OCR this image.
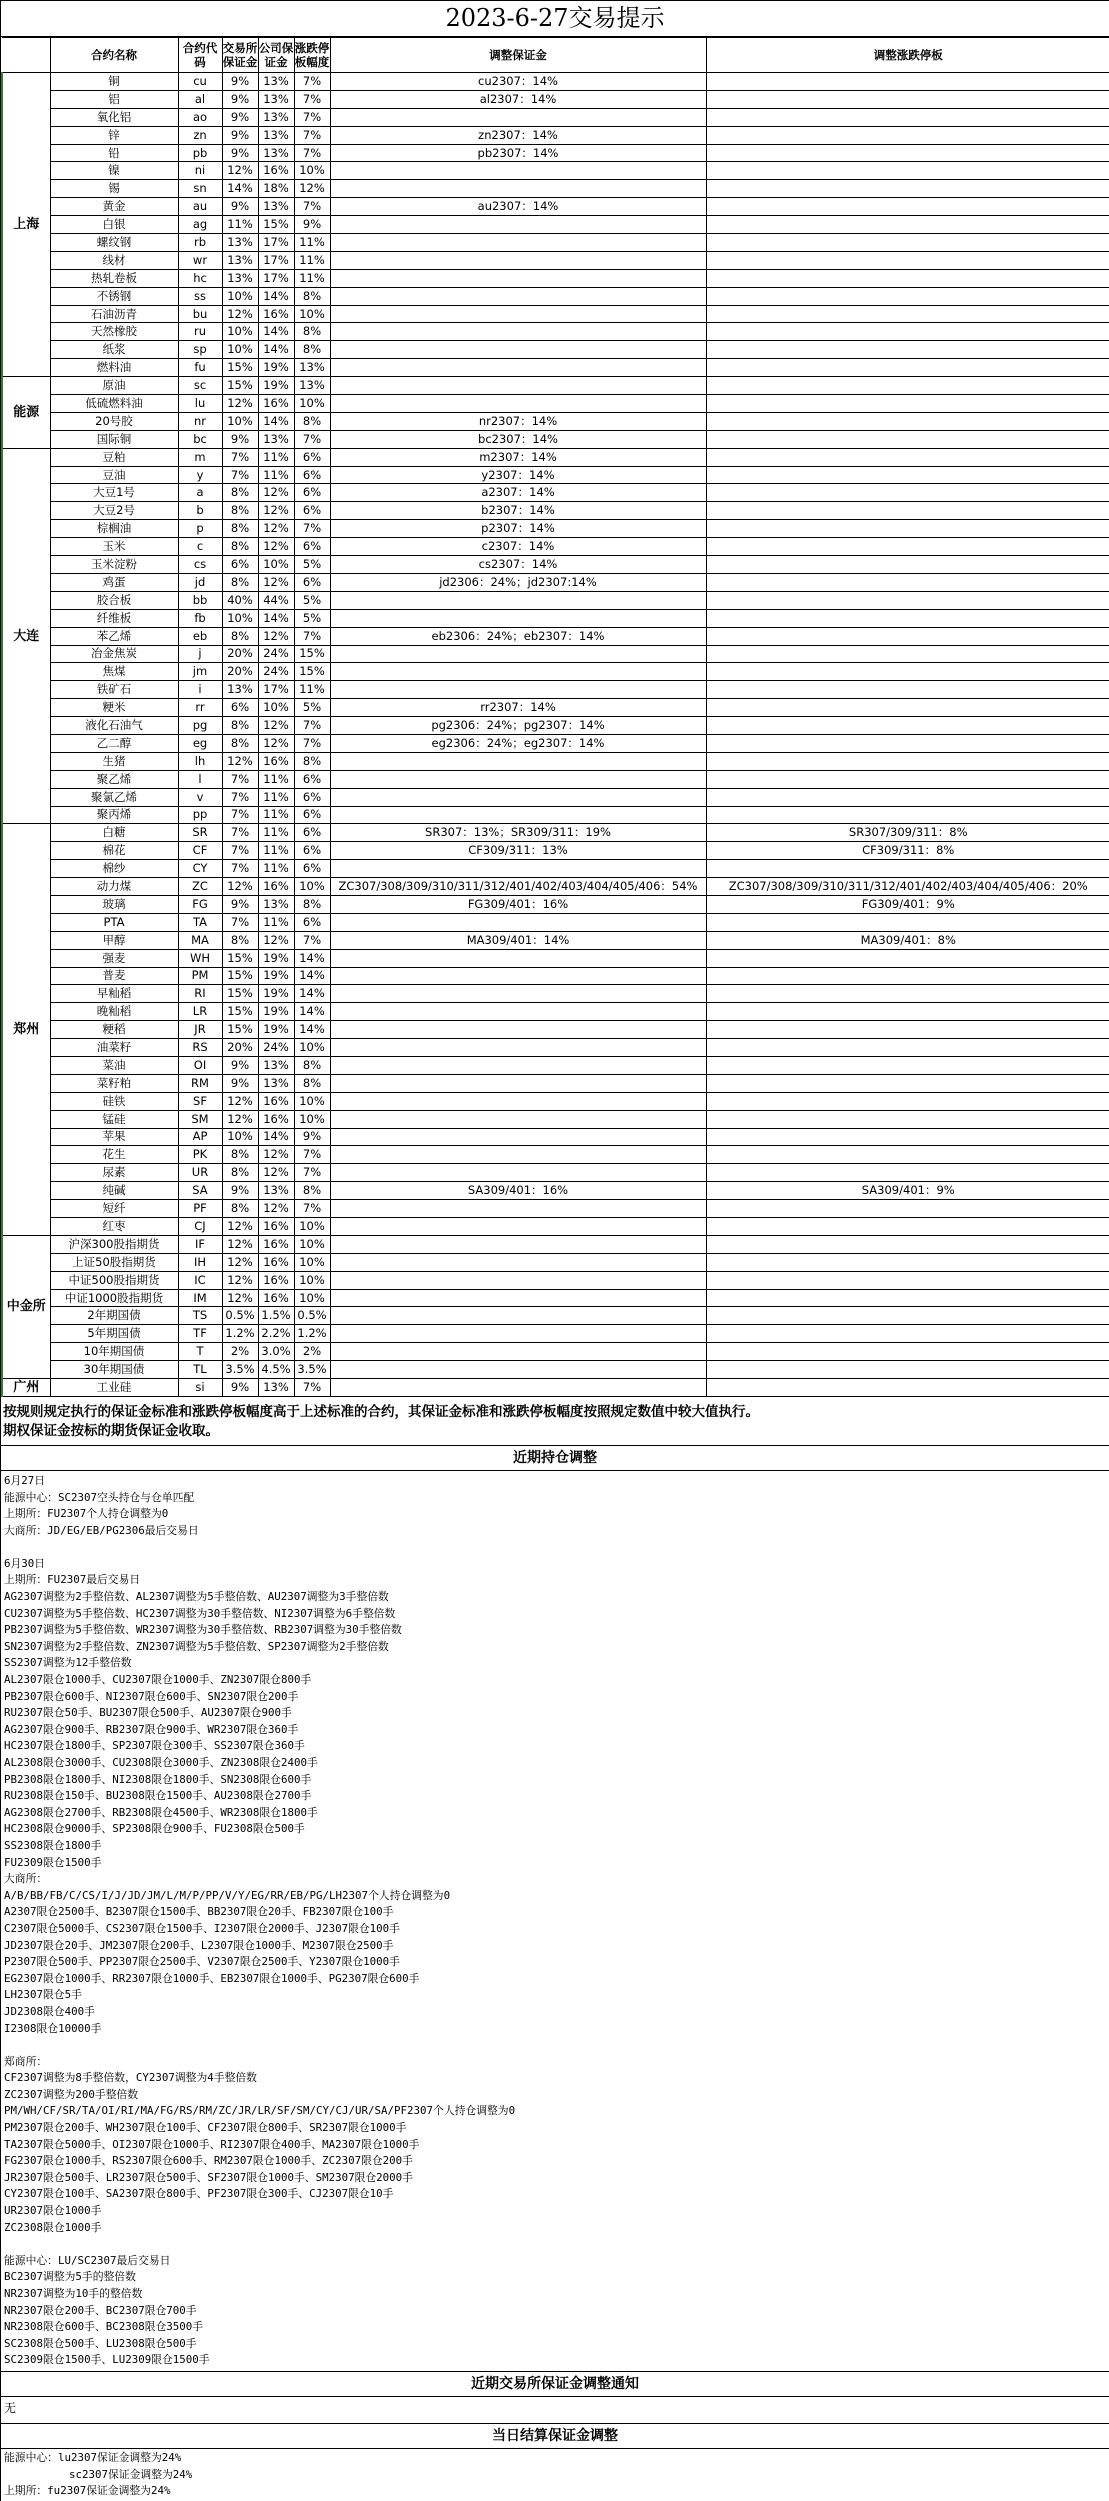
2023-6-27交易提示
	合约名称	合约代码	交易所保证金	公司保证金	涨跌停板幅度	调整保证金	调整涨跌停板
上海	铜	cu	9%	13%	7%	cu2307：14%	
	铝	al	9%	13%	7%	al2307：14%	
	氧化铝	ao	9%	13%	7%		
	锌	zn	9%	13%	7%	zn2307：14%	
	铅	pb	9%	13%	7%	pb2307：14%	
	镍	ni	12%	16%	10%		
	锡	sn	14%	18%	12%		
	黄金	au	9%	13%	7%	au2307：14%	
	白银	ag	11%	15%	9%		
	螺纹钢	rb	13%	17%	11%		
	线材	wr	13%	17%	11%		
	热轧卷板	hc	13%	17%	11%		
	不锈钢	ss	10%	14%	8%		
	石油沥青	bu	12%	16%	10%		
	天然橡胶	ru	10%	14%	8%		
	纸浆	sp	10%	14%	8%		
	燃料油	fu	15%	19%	13%		
能源	原油	sc	15%	19%	13%		
	低硫燃料油	lu	12%	16%	10%		
	20号胶	nr	10%	14%	8%	nr2307：14%	
	国际铜	bc	9%	13%	7%	bc2307：14%	
大连	豆粕	m	7%	11%	6%	m2307：14%	
	豆油	y	7%	11%	6%	y2307：14%	
	大豆1号	a	8%	12%	6%	a2307：14%	
	大豆2号	b	8%	12%	6%	b2307：14%	
	棕榈油	p	8%	12%	7%	p2307：14%	
	玉米	c	8%	12%	6%	c2307：14%	
	玉米淀粉	cs	6%	10%	5%	cs2307：14%	
	鸡蛋	jd	8%	12%	6%	jd2306：24%；jd2307:14%	
	胶合板	bb	40%	44%	5%		
	纤维板	fb	10%	14%	5%		
	苯乙烯	eb	8%	12%	7%	eb2306：24%；eb2307：14%	
	冶金焦炭	j	20%	24%	15%		
	焦煤	jm	20%	24%	15%		
	铁矿石	i	13%	17%	11%		
	粳米	rr	6%	10%	5%	rr2307：14%	
	液化石油气	pg	8%	12%	7%	pg2306：24%；pg2307：14%	
	乙二醇	eg	8%	12%	7%	eg2306：24%；eg2307：14%	
	生猪	lh	12%	16%	8%		
	聚乙烯	l	7%	11%	6%		
	聚氯乙烯	v	7%	11%	6%		
	聚丙烯	pp	7%	11%	6%		
郑州	白糖	SR	7%	11%	6%	SR307：13%；SR309/311：19%	SR307/309/311：8%
	棉花	CF	7%	11%	6%	CF309/311：13%	CF309/311：8%
	棉纱	CY	7%	11%	6%		
	动力煤	ZC	12%	16%	10%	ZC307/308/309/310/311/312/401/402/403/404/405/406：54%	ZC307/308/309/310/311/312/401/402/403/404/405/406：20%
	玻璃	FG	9%	13%	8%	FG309/401：16%	FG309/401：9%
	PTA	TA	7%	11%	6%		
	甲醇	MA	8%	12%	7%	MA309/401：14%	MA309/401：8%
	强麦	WH	15%	19%	14%		
	普麦	PM	15%	19%	14%		
	早籼稻	RI	15%	19%	14%		
	晚籼稻	LR	15%	19%	14%		
	粳稻	JR	15%	19%	14%		
	油菜籽	RS	20%	24%	10%		
	菜油	OI	9%	13%	8%		
	菜籽粕	RM	9%	13%	8%		
	硅铁	SF	12%	16%	10%		
	锰硅	SM	12%	16%	10%		
	苹果	AP	10%	14%	9%		
	花生	PK	8%	12%	7%		
	尿素	UR	8%	12%	7%		
	纯碱	SA	9%	13%	8%	SA309/401：16%	SA309/401：9%
	短纤	PF	8%	12%	7%		
	红枣	CJ	12%	16%	10%		
中金所	沪深300股指期货	IF	12%	16%	10%		
	上证50股指期货	IH	12%	16%	10%		
	中证500股指期货	IC	12%	16%	10%		
	中证1000股指期货	IM	12%	16%	10%		
	2年期国债	TS	0.5%	1.5%	0.5%		
	5年期国债	TF	1.2%	2.2%	1.2%		
	10年期国债	T	2%	3.0%	2%		
	30年期国债	TL	3.5%	4.5%	3.5%		
广州	工业硅	si	9%	13%	7%		
按规则规定执行的保证金标准和涨跌停板幅度高于上述标准的合约，其保证金标准和涨跌停板幅度按照规定数值中较大值执行。
期权保证金按标的期货保证金收取。
近期持仓调整
6月27日
能源中心：SC2307空头持仓与仓单匹配
上期所：FU2307个人持仓调整为0
大商所：JD/EG/EB/PG2306最后交易日

6月30日
上期所：FU2307最后交易日
AG2307调整为2手整倍数、AL2307调整为5手整倍数、AU2307调整为3手整倍数
CU2307调整为5手整倍数、HC2307调整为30手整倍数、NI2307调整为6手整倍数
PB2307调整为5手整倍数、WR2307调整为30手整倍数、RB2307调整为30手整倍数
SN2307调整为2手整倍数、ZN2307调整为5手整倍数、SP2307调整为2手整倍数
SS2307调整为12手整倍数
AL2307限仓1000手、CU2307限仓1000手、ZN2307限仓800手
PB2307限仓600手、NI2307限仓600手、SN2307限仓200手
RU2307限仓50手、BU2307限仓500手、AU2307限仓900手
AG2307限仓900手、RB2307限仓900手、WR2307限仓360手
HC2307限仓1800手、SP2307限仓300手、SS2307限仓360手
AL2308限仓3000手、CU2308限仓3000手、ZN2308限仓2400手
PB2308限仓1800手、NI2308限仓1800手、SN2308限仓600手
RU2308限仓150手、BU2308限仓1500手、AU2308限仓2700手
AG2308限仓2700手、RB2308限仓4500手、WR2308限仓1800手
HC2308限仓9000手、SP2308限仓900手、FU2308限仓500手
SS2308限仓1800手
FU2309限仓1500手
大商所：
A/B/BB/FB/C/CS/I/J/JD/JM/L/M/P/PP/V/Y/EG/RR/EB/PG/LH2307个人持仓调整为0
A2307限仓2500手、B2307限仓1500手、BB2307限仓20手、FB2307限仓100手
C2307限仓5000手、CS2307限仓1500手、I2307限仓2000手、J2307限仓100手
JD2307限仓20手、JM2307限仓200手、L2307限仓1000手、M2307限仓2500手
P2307限仓500手、PP2307限仓2500手、V2307限仓2500手、Y2307限仓1000手
EG2307限仓1000手、RR2307限仓1000手、EB2307限仓1000手、PG2307限仓600手
LH2307限仓5手
JD2308限仓400手
I2308限仓10000手

郑商所：
CF2307调整为8手整倍数，CY2307调整为4手整倍数
ZC2307调整为200手整倍数
PM/WH/CF/SR/TA/OI/RI/MA/FG/RS/RM/ZC/JR/LR/SF/SM/CY/CJ/UR/SA/PF2307个人持仓调整为0
PM2307限仓200手、WH2307限仓100手、CF2307限仓800手、SR2307限仓1000手
TA2307限仓5000手、OI2307限仓1000手、RI2307限仓400手、MA2307限仓1000手
FG2307限仓1000手、RS2307限仓600手、RM2307限仓1000手、ZC2307限仓200手
JR2307限仓500手、LR2307限仓500手、SF2307限仓1000手、SM2307限仓2000手
CY2307限仓100手、SA2307限仓800手、PF2307限仓300手、CJ2307限仓10手
UR2307限仓1000手
ZC2308限仓1000手

能源中心：LU/SC2307最后交易日
BC2307调整为5手的整倍数
NR2307调整为10手的整倍数
NR2307限仓200手、BC2307限仓700手
NR2308限仓600手、BC2308限仓3500手
SC2308限仓500手、LU2308限仓500手
SC2309限仓1500手、LU2309限仓1500手
近期交易所保证金调整通知
无
当日结算保证金调整
能源中心：lu2307保证金调整为24%
sc2307保证金调整为24%
上期所：fu2307保证金调整为24%
